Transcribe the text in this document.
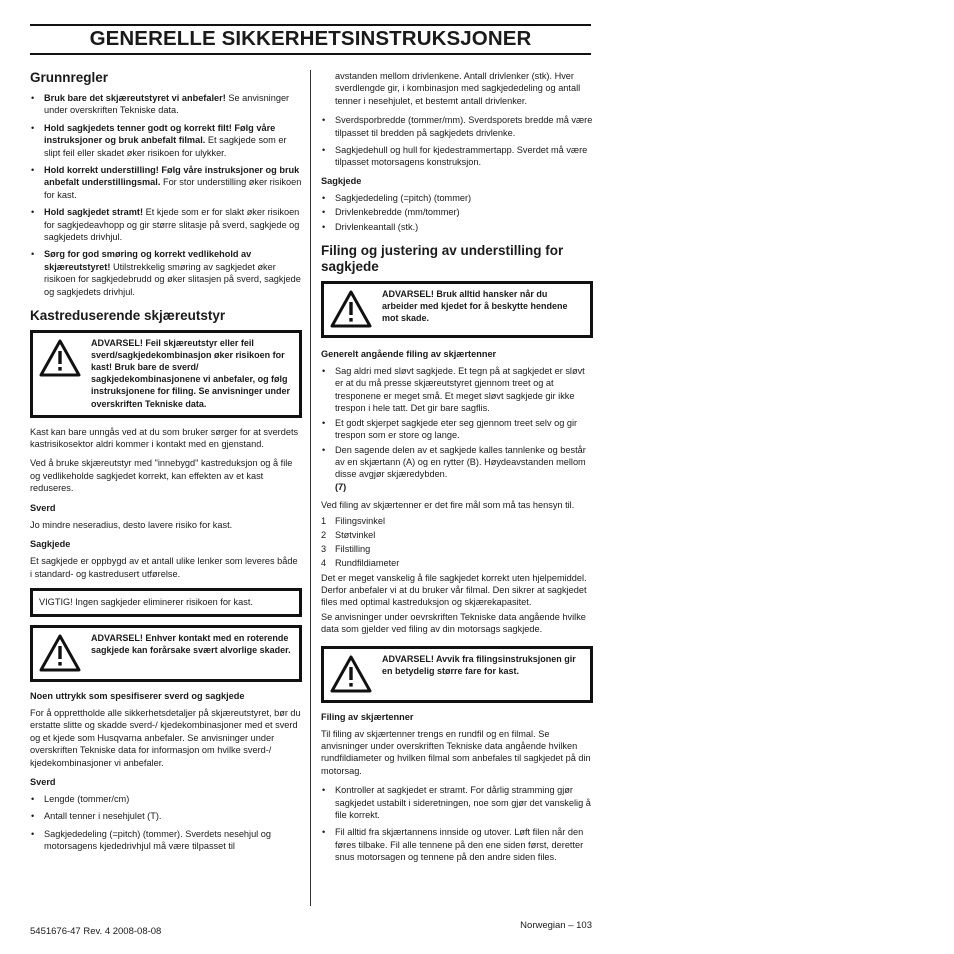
GENERELLE SIKKERHETSINSTRUKSJONER
Grunnregler
• Bruk bare det skjæreutstyret vi anbefaler! Se anvisninger under overskriften Tekniske data.
• Hold sagkjedets tenner godt og korrekt filt! Følg våre instruksjoner og bruk anbefalt filmal. Et sagkjede som er slipt feil eller skadet øker risikoen for ulykker.
• Hold korrekt understilling! Følg våre instruksjoner og bruk anbefalt understillingsmal. For stor understilling øker risikoen for kast.
• Hold sagkjedet stramt! Et kjede som er for slakt øker risikoen for sagkjedeavhopp og gir større slitasje på sverd, sagkjede og sagkjedets drivhjul.
• Sørg for god smøring og korrekt vedlikehold av skjæreutstyret! Utilstrekkelig smøring av sagkjedet øker risikoen for sagkjedebrudd og øker slitasjen på sverd, sagkjede og sagkjedets drivhjul.
Kastreduserende skjæreutstyr
ADVARSEL! Feil skjæreutstyr eller feil sverd/sagkjedekombinasjon øker risikoen for kast! Bruk bare de sverd/ sagkjedekombinasjonene vi anbefaler, og følg instruksjonene for filing. Se anvisninger under overskriften Tekniske data.

Kast kan bare unngås ved at du som bruker sørger for at sverdets kastrisikosektor aldri kommer i kontakt med en gjenstand.

Ved å bruke skjæreutstyr med "innebygd" kastreduksjon og å file og vedlikeholde sagkjedet korrekt, kan effekten av et kast reduseres.

Sverd

Jo mindre neseradius, desto lavere risiko for kast.

Sagkjede

Et sagkjede er oppbygd av et antall ulike lenker som leveres både i standard- og kastredusert utførelse.

VIGTIG! Ingen sagkjeder eliminerer risikoen for kast.
ADVARSEL! Enhver kontakt med en roterende sagkjede kan forårsake svært alvorlige skader.
Noen uttrykk som spesifiserer sverd og sagkjede

For å opprettholde alle sikkerhetsdetaljer på skjæreutstyret, bør du erstatte slitte og skadde sverd-/ kjedekombinasjoner med et sverd og et kjede som Husqvarna anbefaler. Se anvisninger under overskriften Tekniske data for informasjon om hvilke sverd-/ kjedekombinasjoner vi anbefaler.

Sverd
• Lengde (tommer/cm)
• Antall tenner i nesehjulet (T).
• Sagkjededeling (=pitch) (tommer). Sverdets nesehjul og motorsagens kjededrivhjul må være tilpasset til

avstanden mellom drivlenkene. Antall drivlenker (stk). Hver sverdlengde gir, i kombinasjon med sagkjededeling og antall tenner i nesehjulet, et bestemt antall drivlenker.

• Sverdsporbredde (tommer/mm). Sverdsporets bredde må være tilpasset til bredden på sagkjedets drivlenke.
• Sagkjedehull og hull for kjedestrammertapp. Sverdet må være tilpasset motorsagens konstruksjon.
Sagkjede
• Sagkjededeling (=pitch) (tommer)
• Drivlenkebredde (mm/tommer)
• Drivlenkeantall (stk.)
Filing og justering av understilling for sagkjede
ADVARSEL! Bruk alltid hansker når du arbeider med kjedet for å beskytte hendene mot skade.
Generelt angående filing av skjærtenner
• Sag aldri med sløvt sagkjede. Et tegn på at sagkjedet er sløvt er at du må presse skjæreutstyret gjennom treet og at tresponene er meget små. Et meget sløvt sagkjede gir ikke trespon i hele tatt. Det gir bare sagflis.
• Et godt skjerpet sagkjede eter seg gjennom treet selv og gir trespon som er store og lange.
• Den sagende delen av et sagkjede kalles tannlenke og består av en skjærtann (A) og en rytter (B). Høydeavstanden mellom disse avgjør skjæredybden.
(7)

Ved filing av skjærtenner er det fire mål som må tas hensyn til.

1 Filingsvinkel
2 Støtvinkel
3 Filstilling
4 Rundfildiameter

Det er meget vanskelig å file sagkjedet korrekt uten hjelpemiddel. Derfor anbefaler vi at du bruker vår filmal. Den sikrer at sagkjedet files med optimal kastreduksjon og skjærekapasitet.

Se anvisninger under oevrskriften Tekniske data angående hvilke data som gjelder ved filing av din motorsags sagkjede.

ADVARSEL! Avvik fra filingsinstruksjonen gir en betydelig større fare for kast.
Filing av skjærtenner

Til filing av skjærtenner trengs en rundfil og en filmal. Se anvisninger under overskriften Tekniske data angående hvilken rundfildiameter og hvilken filmal som anbefales til sagkjedet på din motorsag.

• Kontroller at sagkjedet er stramt. For dårlig stramming gjør sagkjedet ustabilt i sideretningen, noe som gjør det vanskelig å file korrekt.
• Fil alltid fra skjærtannens innside og utover. Løft filen når den føres tilbake. Fil alle tennene på den ene siden først, deretter snus motorsagen og tennene på den andre siden files.
5451676-47 Rev. 4 2008-08-08
Norwegian – 103
